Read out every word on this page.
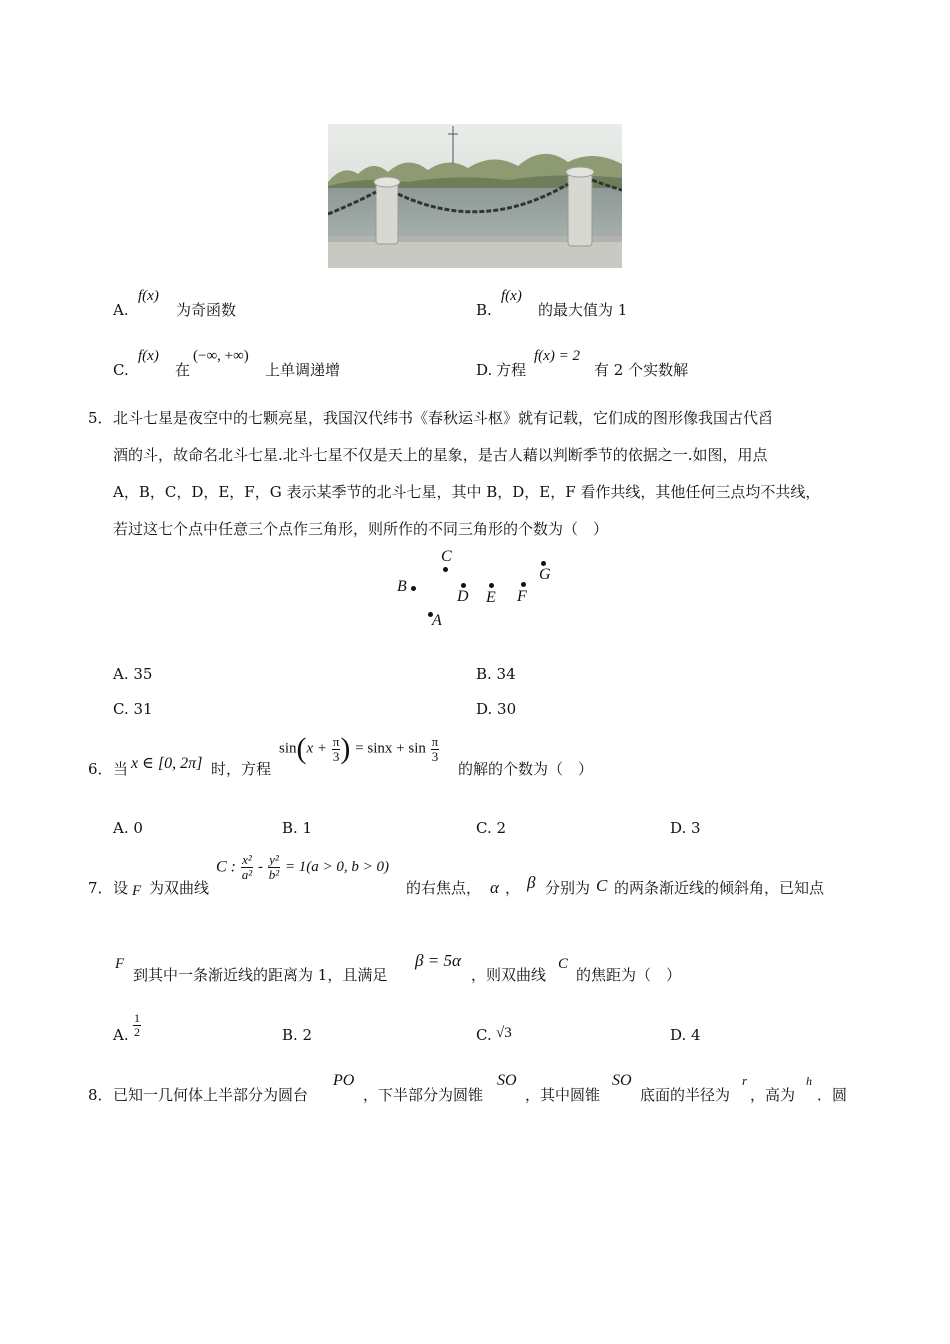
A.
f(x)
为奇函数	B.
f(x)
的最大值为 1
C.
f(x)
在
(−∞, +∞)
上单调递增	D. 方程
f(x) = 2
有 2 个实数解
5． 北斗七星是夜空中的七颗亮星，我国汉代纬书《春秋运斗枢》就有记载，它们成的图形像我国古代舀
酒的斗，故命名北斗七星.北斗七星不仅是天上的星象，是古人藉以判断季节的依据之一.如图，用点
A，B，C，D，E，F，G 表示某季节的北斗七星，其中 B，D，E，F 看作共线，其他任何三点均不共线，
若过这七个点中任意三个点作三角形，则所作的不同三角形的个数为（　）
C
B
D E F
G
A
A. 35	B. 34
C. 31	D. 30
6． 当 x ∈ [0, 2π] 时，方程
$\sin(x + \frac{\pi}{3}$ ) = $\sin x + \sin \frac{\pi}{3}$
的解的个数为（　）
A. 0	B. 1	C. 2	D. 3
7． 设 F 为双曲线
C : $\frac{\text{x²}}{\text{a²}} - \frac{\text{y²}}{\text{b²}} = 1(a > 0$, b > 0)
的右焦点， α ， β 分别为 C 的两条渐近线的倾斜角，已知点
F
到其中一条渐近线的距离为 1，且满足
β = 5α
，则双曲线
C
的焦距为（　）
A. $\frac{1}{2}$	B. 2	C. √3	D. 4
8． 已知一几何体上半部分为圆台
PO
，下半部分为圆锥
SO
，其中圆锥
SO
底面的半径为
r
，高为
h
．圆
